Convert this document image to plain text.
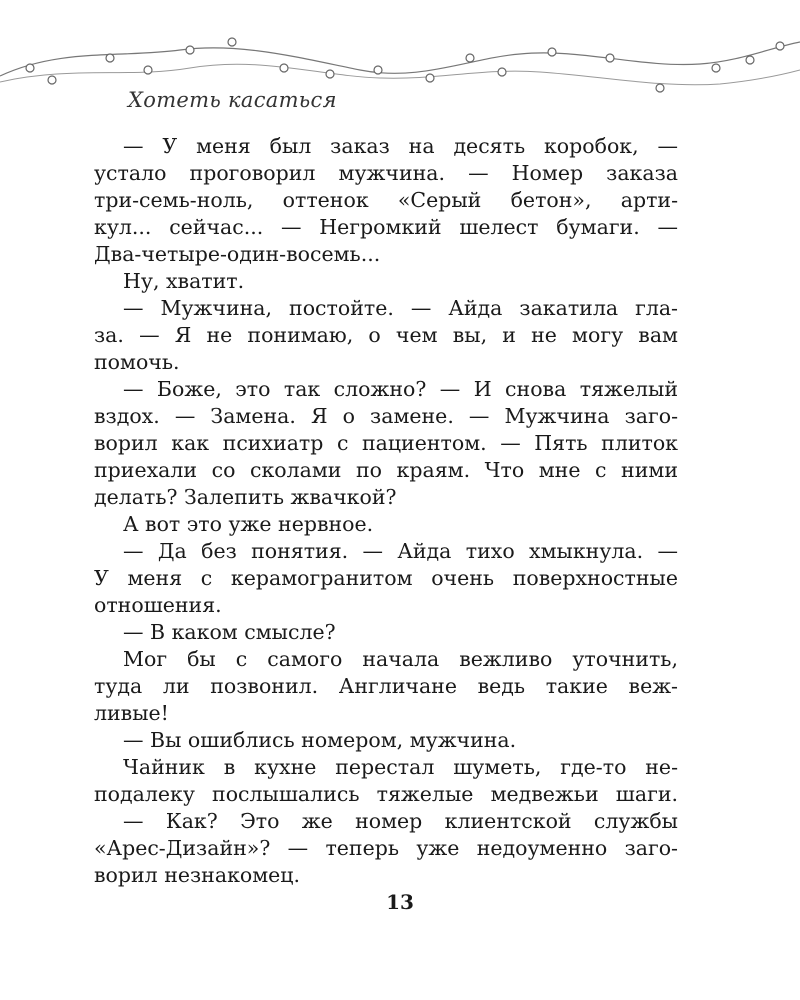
Хотеть касаться
— У меня был заказ на десять коробок, —
устало проговорил мужчина. — Номер заказа
три-семь-ноль, оттенок «Серый бетон», арти-
кул... сейчас... — Негромкий шелест бумаги. —
Два-четыре-один-восемь...
Ну, хватит.
— Мужчина, постойте. — Айда закатила гла-
за. — Я не понимаю, о чем вы, и не могу вам
помочь.
— Боже, это так сложно? — И снова тяжелый
вздох. — Замена. Я о замене. — Мужчина заго-
ворил как психиатр с пациентом. — Пять плиток
приехали со сколами по краям. Что мне с ними
делать? Залепить жвачкой?
А вот это уже нервное.
— Да без понятия. — Айда тихо хмыкнула. —
У меня с керамогранитом очень поверхностные
отношения.
— В каком смысле?
Мог бы с самого начала вежливо уточнить,
туда ли позвонил. Англичане ведь такие веж-
ливые!
— Вы ошиблись номером, мужчина.
Чайник в кухне перестал шуметь, где-то не-
подалеку послышались тяжелые медвежьи шаги.
— Как? Это же номер клиентской службы
«Арес-Дизайн»? — теперь уже недоуменно заго-
ворил незнакомец.
13
